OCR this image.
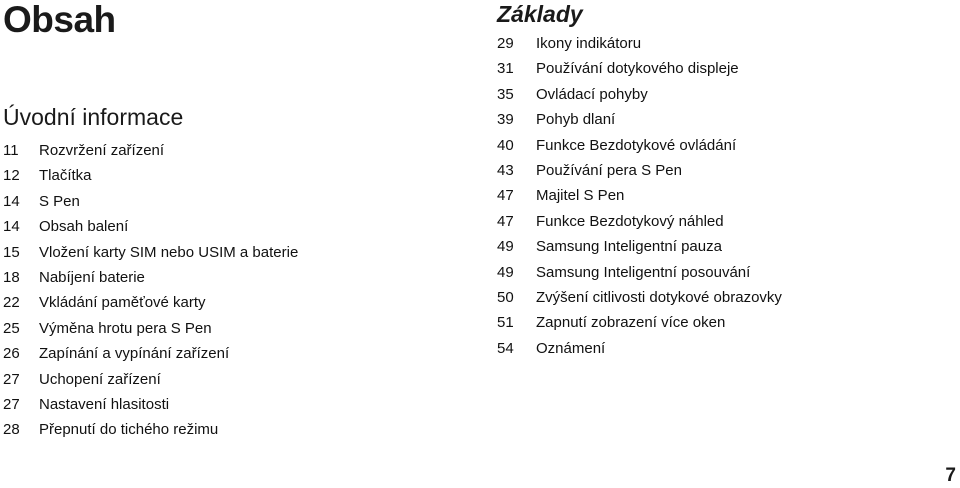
Obsah
Úvodní informace
11 Rozvržení zařízení
12 Tlačítka
14 S Pen
14 Obsah balení
15 Vložení karty SIM nebo USIM a baterie
18 Nabíjení baterie
22 Vkládání paměťové karty
25 Výměna hrotu pera S Pen
26 Zapínání a vypínání zařízení
27 Uchopení zařízení
27 Nastavení hlasitosti
28 Přepnutí do tichého režimu
Základy
29 Ikony indikátoru
31 Používání dotykového displeje
35 Ovládací pohyby
39 Pohyb dlaní
40 Funkce Bezdotykové ovládání
43 Používání pera S Pen
47 Majitel S Pen
47 Funkce Bezdotykový náhled
49 Samsung Inteligentní pauza
49 Samsung Inteligentní posouvání
50 Zvýšení citlivosti dotykové obrazovky
51 Zapnutí zobrazení více oken
54 Oznámení
7
